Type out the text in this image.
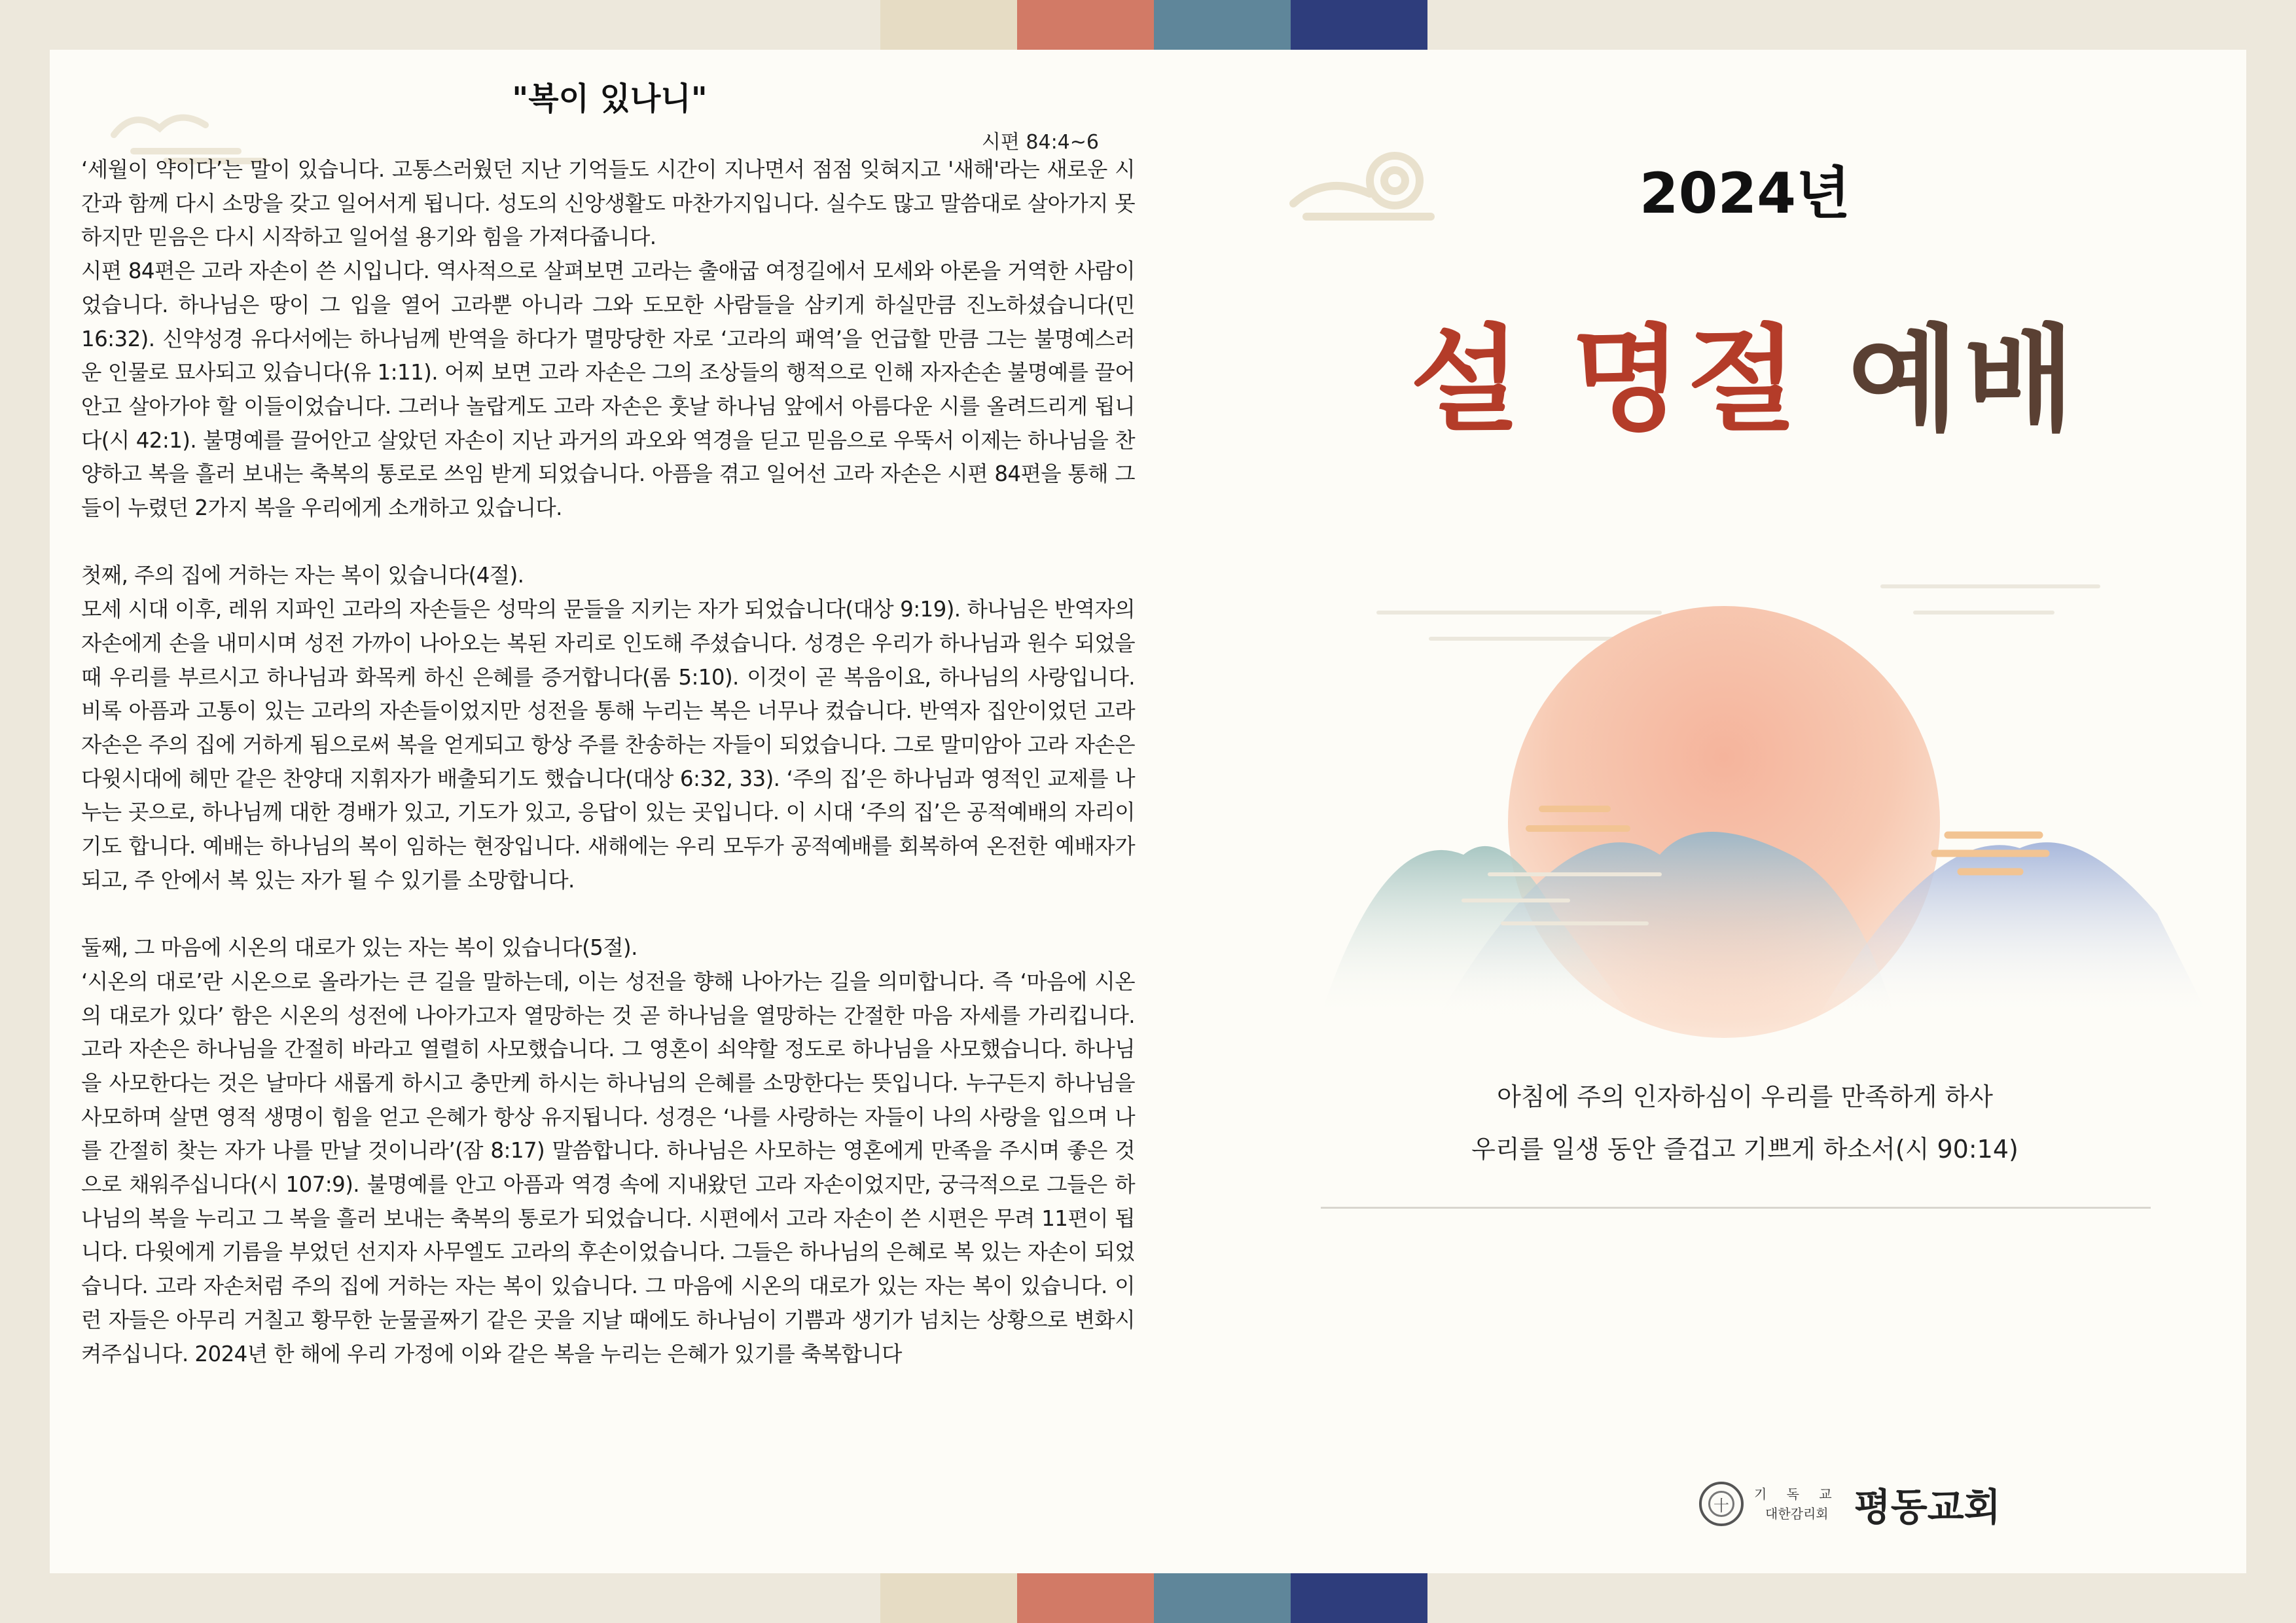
"복이 있나니"
시편 84:4~6

‘세월이 약이다’는 말이 있습니다. 고통스러웠던 지난 기억들도 시간이 지나면서 점점 잊혀지고 '새해'라는 새로운 시간과 함께 다시 소망을 갖고 일어서게 됩니다. 성도의 신앙생활도 마찬가지입니다. 실수도 많고 말씀대로 살아가지 못하지만 믿음은 다시 시작하고 일어설 용기와 힘을 가져다줍니다.

시편 84편은 고라 자손이 쓴 시입니다. 역사적으로 살펴보면 고라는 출애굽 여정길에서 모세와 아론을 거역한 사람이었습니다. 하나님은 땅이 그 입을 열어 고라뿐 아니라 그와 도모한 사람들을 삼키게 하실만큼 진노하셨습니다(민 16:32). 신약성경 유다서에는 하나님께 반역을 하다가 멸망당한 자로 ‘고라의 패역’을 언급할 만큼 그는 불명예스러운 인물로 묘사되고 있습니다(유 1:11). 어찌 보면 고라 자손은 그의 조상들의 행적으로 인해 자자손손 불명예를 끌어안고 살아가야 할 이들이었습니다. 그러나 놀랍게도 고라 자손은 훗날 하나님 앞에서 아름다운 시를 올려드리게 됩니다(시 42:1). 불명예를 끌어안고 살았던 자손이 지난 과거의 과오와 역경을 딛고 믿음으로 우뚝서 이제는 하나님을 찬양하고 복을 흘러 보내는 축복의 통로로 쓰임 받게 되었습니다. 아픔을 겪고 일어선 고라 자손은 시편 84편을 통해 그들이 누렸던 2가지 복을 우리에게 소개하고 있습니다.

첫째, 주의 집에 거하는 자는 복이 있습니다(4절).

모세 시대 이후, 레위 지파인 고라의 자손들은 성막의 문들을 지키는 자가 되었습니다(대상 9:19). 하나님은 반역자의 자손에게 손을 내미시며 성전 가까이 나아오는 복된 자리로 인도해 주셨습니다. 성경은 우리가 하나님과 원수 되었을 때 우리를 부르시고 하나님과 화목케 하신 은혜를 증거합니다(롬 5:10). 이것이 곧 복음이요, 하나님의 사랑입니다. 비록 아픔과 고통이 있는 고라의 자손들이었지만 성전을 통해 누리는 복은 너무나 컸습니다. 반역자 집안이었던 고라 자손은 주의 집에 거하게 됨으로써 복을 얻게되고 항상 주를 찬송하는 자들이 되었습니다. 그로 말미암아 고라 자손은 다윗시대에 헤만 같은 찬양대 지휘자가 배출되기도 했습니다(대상 6:32, 33). ‘주의 집’은 하나님과 영적인 교제를 나누는 곳으로, 하나님께 대한 경배가 있고, 기도가 있고, 응답이 있는 곳입니다. 이 시대 ‘주의 집’은 공적예배의 자리이기도 합니다. 예배는 하나님의 복이 임하는 현장입니다. 새해에는 우리 모두가 공적예배를 회복하여 온전한 예배자가 되고, 주 안에서 복 있는 자가 될 수 있기를 소망합니다.

둘째, 그 마음에 시온의 대로가 있는 자는 복이 있습니다(5절).

‘시온의 대로’란 시온으로 올라가는 큰 길을 말하는데, 이는 성전을 향해 나아가는 길을 의미합니다. 즉 ‘마음에 시온의 대로가 있다’ 함은 시온의 성전에 나아가고자 열망하는 것 곧 하나님을 열망하는 간절한 마음 자세를 가리킵니다. 고라 자손은 하나님을 간절히 바라고 열렬히 사모했습니다. 그 영혼이 쇠약할 정도로 하나님을 사모했습니다. 하나님을 사모한다는 것은 날마다 새롭게 하시고 충만케 하시는 하나님의 은혜를 소망한다는 뜻입니다. 누구든지 하나님을 사모하며 살면 영적 생명이 힘을 얻고 은혜가 항상 유지됩니다. 성경은 ‘나를 사랑하는 자들이 나의 사랑을 입으며 나를 간절히 찾는 자가 나를 만날 것이니라’(잠 8:17) 말씀합니다. 하나님은 사모하는 영혼에게 만족을 주시며 좋은 것으로 채워주십니다(시 107:9). 불명예를 안고 아픔과 역경 속에 지내왔던 고라 자손이었지만, 궁극적으로 그들은 하나님의 복을 누리고 그 복을 흘러 보내는 축복의 통로가 되었습니다. 시편에서 고라 자손이 쓴 시편은 무려 11편이 됩니다. 다윗에게 기름을 부었던 선지자 사무엘도 고라의 후손이었습니다. 그들은 하나님의 은혜로 복 있는 자손이 되었습니다. 고라 자손처럼 주의 집에 거하는 자는 복이 있습니다. 그 마음에 시온의 대로가 있는 자는 복이 있습니다. 이런 자들은 아무리 거칠고 황무한 눈물골짜기 같은 곳을 지날 때에도 하나님이 기쁨과 생기가 넘치는 상황으로 변화시켜주십니다. 2024년 한 해에 우리 가정에 이와 같은 복을 누리는 은혜가 있기를 축복합니다

2024년
설 명절 예배
아침에 주의 인자하심이 우리를 만족하게 하사
우리를 일생 동안 즐겁고 기쁘게 하소서(시 90:14)
十
기 독 교
대한감리회 평동교회
